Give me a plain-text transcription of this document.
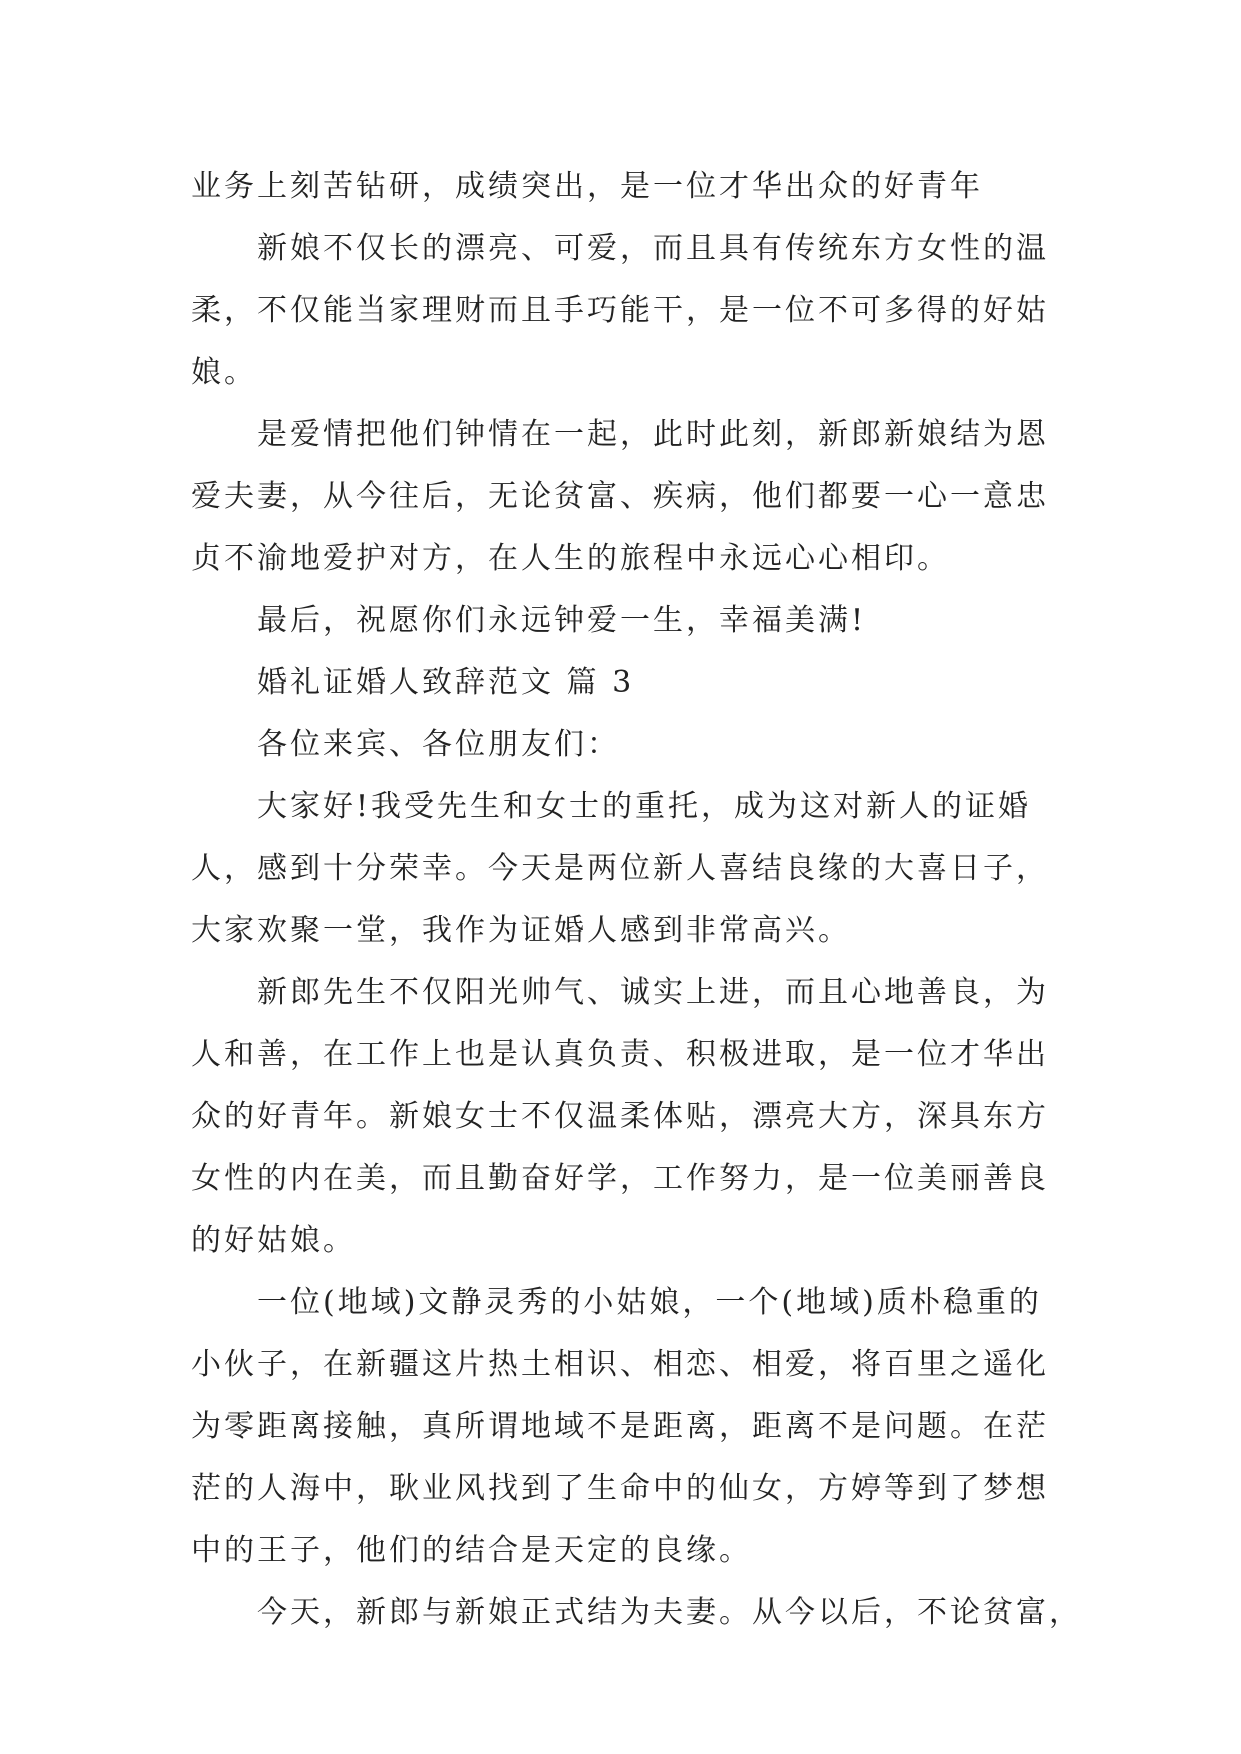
业务上刻苦钻研，成绩突出，是一位才华出众的好青年
新娘不仅长的漂亮、可爱，而且具有传统东方女性的温
柔，不仅能当家理财而且手巧能干，是一位不可多得的好姑
娘。
是爱情把他们钟情在一起，此时此刻，新郎新娘结为恩
爱夫妻，从今往后，无论贫富、疾病，他们都要一心一意忠
贞不渝地爱护对方，在人生的旅程中永远心心相印。
最后，祝愿你们永远钟爱一生，幸福美满!
婚礼证婚人致辞范文 篇 3
各位来宾、各位朋友们：
大家好!我受先生和女士的重托，成为这对新人的证婚
人，感到十分荣幸。今天是两位新人喜结良缘的大喜日子，
大家欢聚一堂，我作为证婚人感到非常高兴。
新郎先生不仅阳光帅气、诚实上进，而且心地善良，为
人和善，在工作上也是认真负责、积极进取，是一位才华出
众的好青年。新娘女士不仅温柔体贴，漂亮大方，深具东方
女性的内在美，而且勤奋好学，工作努力，是一位美丽善良
的好姑娘。
一位(地域)文静灵秀的小姑娘，一个(地域)质朴稳重的
小伙子，在新疆这片热土相识、相恋、相爱，将百里之遥化
为零距离接触，真所谓地域不是距离，距离不是问题。在茫
茫的人海中，耿业风找到了生命中的仙女，方婷等到了梦想
中的王子，他们的结合是天定的良缘。
今天，新郎与新娘正式结为夫妻。从今以后，不论贫富，
